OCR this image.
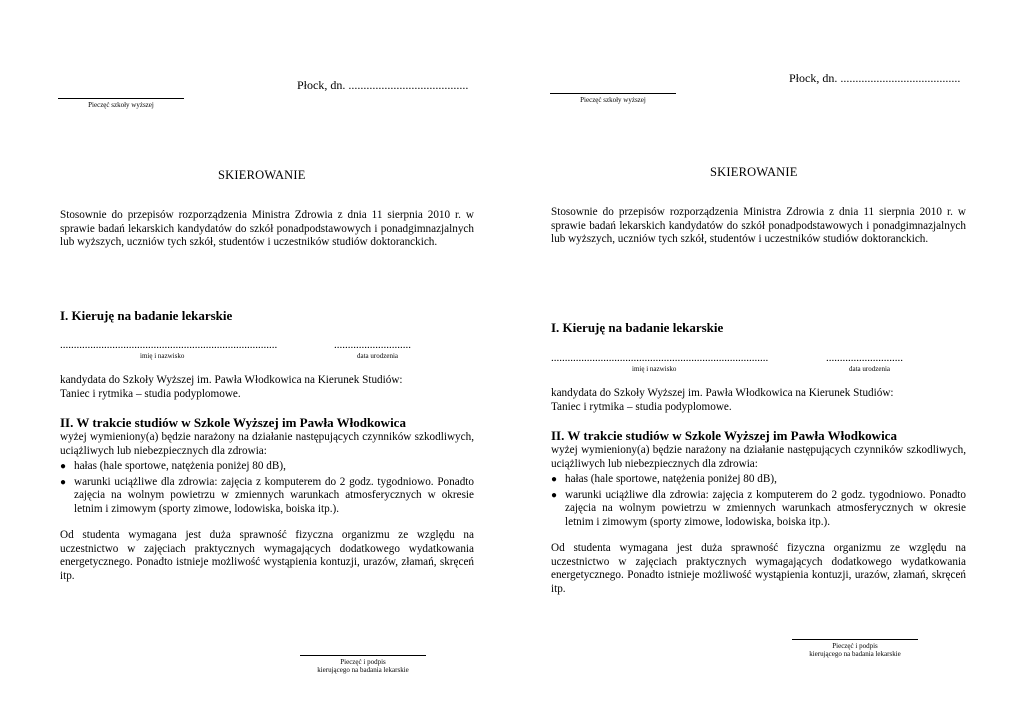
Płock, dn. ........................................
Pieczęć szkoły wyższej
SKIEROWANIE
Stosownie do przepisów rozporządzenia Ministra Zdrowia z dnia 11 sierpnia 2010 r. w sprawie badań lekarskich kandydatów do szkół ponadpodstawowych i ponadgimnazjalnych lub wyższych, uczniów tych szkół, studentów i uczestników studiów doktoranckich.
I. Kieruję na badanie lekarskie
...............................................................................	............................
imię i nazwisko	data urodzenia
kandydata do Szkoły Wyższej im. Pawła Włodkowica na Kierunek Studiów:
Taniec i rytmika – studia podyplomowe.
II. W trakcie studiów w Szkole Wyższej im Pawła Włodkowica
wyżej wymieniony(a) będzie narażony na działanie następujących czynników szkodliwych, uciążliwych lub niebezpiecznych dla zdrowia:
● hałas (hale sportowe, natężenia poniżej 80 dB),
● warunki uciążliwe dla zdrowia: zajęcia z komputerem do 2 godz. tygodniowo. Ponadto zajęcia na wolnym powietrzu w zmiennych warunkach atmosferycznych w okresie letnim i zimowym (sporty zimowe, lodowiska, boiska itp.).
Od studenta wymagana jest duża sprawność fizyczna organizmu ze względu na uczestnictwo w zajęciach praktycznych wymagających dodatkowego wydatkowania energetycznego. Ponadto istnieje możliwość wystąpienia kontuzji, urazów, złamań, skręceń itp.
Pieczęć i podpis
kierującego na badania lekarskie
Płock, dn. ........................................
Pieczęć szkoły wyższej
SKIEROWANIE
Stosownie do przepisów rozporządzenia Ministra Zdrowia z dnia 11 sierpnia 2010 r. w sprawie badań lekarskich kandydatów do szkół ponadpodstawowych i ponadgimnazjalnych lub wyższych, uczniów tych szkół, studentów i uczestników studiów doktoranckich.
I. Kieruję na badanie lekarskie
...............................................................................	............................
imię i nazwisko	data urodzenia
kandydata do Szkoły Wyższej im. Pawła Włodkowica na Kierunek Studiów:
Taniec i rytmika – studia podyplomowe.
II. W trakcie studiów w Szkole Wyższej im Pawła Włodkowica
wyżej wymieniony(a) będzie narażony na działanie następujących czynników szkodliwych, uciążliwych lub niebezpiecznych dla zdrowia:
● hałas (hale sportowe, natężenia poniżej 80 dB),
● warunki uciążliwe dla zdrowia: zajęcia z komputerem do 2 godz. tygodniowo. Ponadto zajęcia na wolnym powietrzu w zmiennych warunkach atmosferycznych w okresie letnim i zimowym (sporty zimowe, lodowiska, boiska itp.).
Od studenta wymagana jest duża sprawność fizyczna organizmu ze względu na uczestnictwo w zajęciach praktycznych wymagających dodatkowego wydatkowania energetycznego. Ponadto istnieje możliwość wystąpienia kontuzji, urazów, złamań, skręceń itp.
Pieczęć i podpis
kierującego na badania lekarskie
